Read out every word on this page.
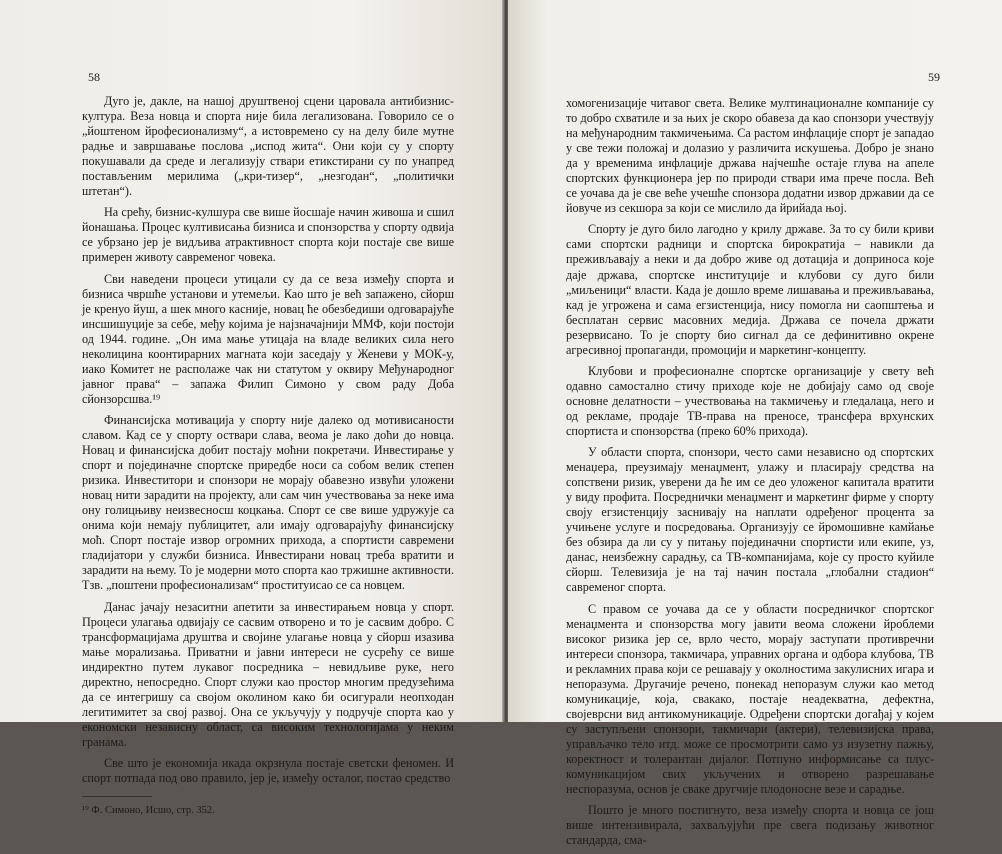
58

Дуго је, дакле, на нашој друштвеној сцени царовала антибизнис-култура. Веза новца и спорта није била легализована. Говорило се о „йоштеном йрофесионализму“, а истовремено су на делу биле мутне радње и завршавање послова „испод жита“. Они који су у спорту покушавали да среде и легализују ствари етикстирани су по унапред постављеним мерилима („кри-тизер“, „незгодан“, „политички штетан“).

На срећу, бизнис-кулшура све више йосшаје начин живоша и сшил йонашања. Процес култивисања бизниса и спонзорства у спорту одвија се убрзано јер је видљива атрактивност спорта који постаје све више примерен животу савременог човека.

Сви наведени процеси утицали су да се веза између спорта и бизниса чвршће установи и утемељи. Као што је већ запажено, сйорш је кренуо йуш, а шек много касније, новац ће обезбедиши одговарајуће инсшишуције за себе, међу којима је најзначајнији ММФ, који постоји од 1944. године. „Он има мање утицаја на владе великих сила него неколицина коонтирарних магната који заседају у Женеви у МОК-у, иако Комитет не располаже чак ни статутом у оквиру Међународног јавног права“ – запажа Филип Симоно у свом раду Доба сйонзорсшва.¹⁹

Финансијска мотивација у спорту није далеко од мотивисаности славом. Кад се у спорту оствари слава, веома је лако доћи до новца. Новац и финансијска добит постају моћни покретачи. Инвестирање у спорт и појединачне спортске приредбе носи са собом велик степен ризика. Инвеститори и спонзори не морају обавезно извући уложени новац нити зарадити на пројекту, али сам чин учествовања за неке има ону голицњиву неизвесносш коцкања. Спорт се све више удружује са онима који немају публицитет, али имају одговарајућу финансијску моћ. Спорт постаје извор огромних прихода, а спортисти савремени гладијатори у служби бизниса. Инвестирани новац треба вратити и зарадити на њему. То је модерни мото спорта као тржишне активности. Тзв. „поштени професионализам“ проституисао се са новцем.

Данас јачају незаситни апетити за инвестирањем новца у спорт. Процеси улагања одвијају се сасвим отворено и то је сасвим добро. С трансформацијама друштва и својине улагање новца у сйорш изазива мање морализања. Приватни и јавни интереси не сусрећу се више индиректно путем лукавог посредника – невидљиве руке, него директно, непосредно. Спорт служи као простор многим предузећима да се интегришу са својом околином како би осигурали неопходан легитимитет за свој развој. Она се укључују у подручје спорта као у економски независну област, са високим технологијама у неким гранама.

Све што је економија икада окрзнула постаје светски феномен. И спорт потпада под ово правило, јер је, између осталог, постао средство

¹⁹ Ф. Симоно, Исшо, стр. 352.

59

хомогенизације читавог света. Велике мултинационалне компаније су то добро схватиле и за њих је скоро обавеза да као спонзори учествују на међународним такмичењима. Са растом инфлације спорт је западао у све тежи положај и долазио у различита искушења. Добро је знано да у временима инфлације држава најчешће остаје глува на апеле спортских функционера јер по природи ствари има прече посла. Већ се уочава да је све веће учешће спонзора додатни извор државии да се йовуче из секшора за који се мислило да йрийада њој.

Спорту је дуго било лагодно у крилу државе. За то су били криви сами спортски радници и спортска бирократија – навикли да преживљавају а неки и да добро живе од дотација и доприноса које даје држава, спортске институције и клубови су дуго били „миљеници“ власти. Када је дошло време лишавања и преживљавања, кад је угрожена и сама егзистенција, нису помогла ни саопштења и бесплатан сервис масовних медија. Држава се почела држати резервисано. То је спорту био сигнал да се дефинитивно окрене агресивној пропаганди, промоцији и маркетинг-концепту.

Клубови и професионалне спортске организације у свету већ одавно самостално стичу приходе које не добијају само од своје основне делатности – учествовања на такмичењу и гледалаца, него и од рекламе, продаје ТВ-права на преносе, трансфера врхунских спортиста и спонзорства (преко 60% прихода).

У области спорта, спонзори, често сами независно од спортских менаџера, преузимају менаџмент, улажу и пласирају средства на сопствени ризик, уверени да ће им се део уложеног капитала вратити у виду профита. Посреднички менаџмент и маркетинг фирме у спорту своју егзистенцију заснивају на наплати одређеног процента за учињене услуге и посредовања. Организују се йромошивне камйање без обзира да ли су у питању појединачни спортисти или екипе, уз, данас, неизбежну сарадњу, са ТВ-компанијама, које су просто куйиле сйорш. Телевизија је на тај начин постала „глобални стадион“ савременог спорта.

С правом се уочава да се у области посредничког спортског менаџмента и спонзорства могу јавити веома сложени йроблеми високог ризика јер се, врло често, морају заступати противречни интереси спонзора, такмичара, управних органа и одбора клубова, ТВ и рекламних права који се решавају у околностима закулисних игара и непоразума. Другачије речено, понекад непоразум служи као метод комуникације, која, свакако, постаје неадекватна, дефектна, својеврсни вид антикомуникације. Одређени спортски догађај у којем су заступљени спонзори, такмичари (актери), телевизијска права, управљачко тело итд. може се просмотрити само уз изузетну пажњу, коректност и толерантан дијалог. Потпуно информисање са плус-комуникацијом свих укључених и отворено разрешавање неспоразума, основ је сваке другчије плодоносне везе и сарадње.

Пошто је много постигнуто, веза између спорта и новца се још више интензивирала, захваљујући пре свега подизању животног стандарда, сма-
